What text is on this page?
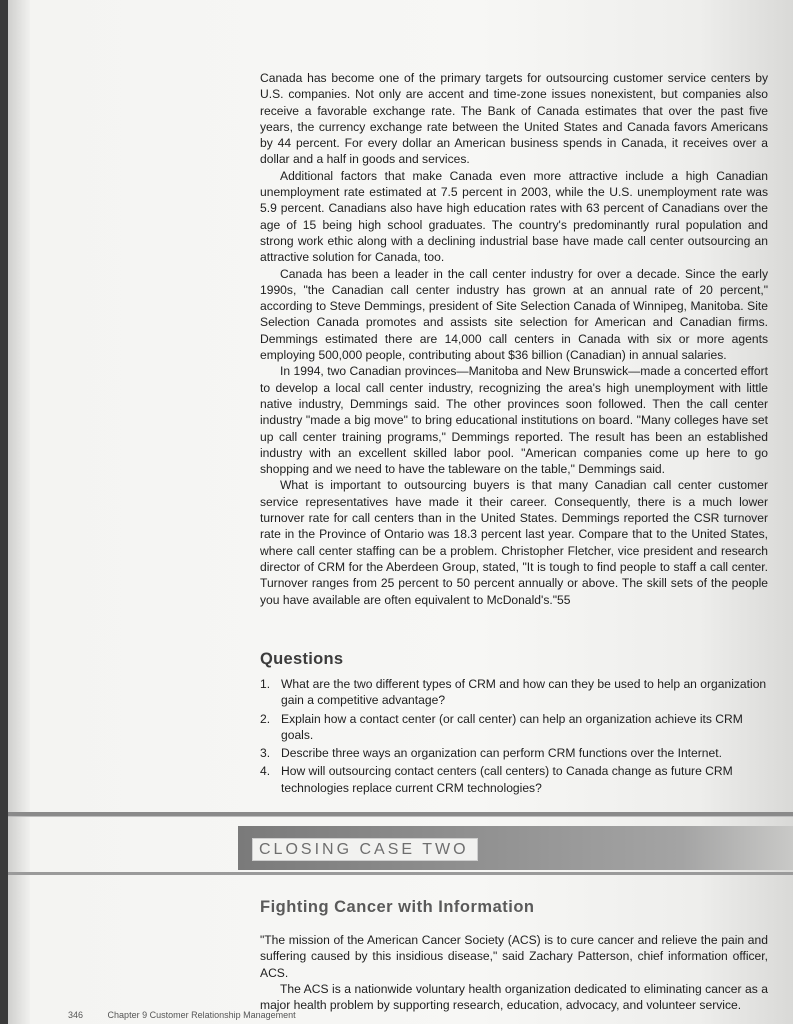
Canada has become one of the primary targets for outsourcing customer service centers by U.S. companies. Not only are accent and time-zone issues nonexistent, but companies also receive a favorable exchange rate. The Bank of Canada estimates that over the past five years, the currency exchange rate between the United States and Canada favors Americans by 44 percent. For every dollar an American business spends in Canada, it receives over a dollar and a half in goods and services.

Additional factors that make Canada even more attractive include a high Canadian unemployment rate estimated at 7.5 percent in 2003, while the U.S. unemployment rate was 5.9 percent. Canadians also have high education rates with 63 percent of Canadians over the age of 15 being high school graduates. The country's predominantly rural population and strong work ethic along with a declining industrial base have made call center outsourcing an attractive solution for Canada, too.

Canada has been a leader in the call center industry for over a decade. Since the early 1990s, "the Canadian call center industry has grown at an annual rate of 20 percent," according to Steve Demmings, president of Site Selection Canada of Winnipeg, Manitoba. Site Selection Canada promotes and assists site selection for American and Canadian firms. Demmings estimated there are 14,000 call centers in Canada with six or more agents employing 500,000 people, contributing about $36 billion (Canadian) in annual salaries.

In 1994, two Canadian provinces—Manitoba and New Brunswick—made a concerted effort to develop a local call center industry, recognizing the area's high unemployment with little native industry, Demmings said. The other provinces soon followed. Then the call center industry "made a big move" to bring educational institutions on board. "Many colleges have set up call center training programs," Demmings reported. The result has been an established industry with an excellent skilled labor pool. "American companies come up here to go shopping and we need to have the tableware on the table," Demmings said.

What is important to outsourcing buyers is that many Canadian call center customer service representatives have made it their career. Consequently, there is a much lower turnover rate for call centers than in the United States. Demmings reported the CSR turnover rate in the Province of Ontario was 18.3 percent last year. Compare that to the United States, where call center staffing can be a problem. Christopher Fletcher, vice president and research director of CRM for the Aberdeen Group, stated, "It is tough to find people to staff a call center. Turnover ranges from 25 percent to 50 percent annually or above. The skill sets of the people you have available are often equivalent to McDonald's."55

Questions
1. What are the two different types of CRM and how can they be used to help an organization gain a competitive advantage?
2. Explain how a contact center (or call center) can help an organization achieve its CRM goals.
3. Describe three ways an organization can perform CRM functions over the Internet.
4. How will outsourcing contact centers (call centers) to Canada change as future CRM technologies replace current CRM technologies?
CLOSING CASE TWO
Fighting Cancer with Information

"The mission of the American Cancer Society (ACS) is to cure cancer and relieve the pain and suffering caused by this insidious disease," said Zachary Patterson, chief information officer, ACS.

The ACS is a nationwide voluntary health organization dedicated to eliminating cancer as a major health problem by supporting research, education, advocacy, and volunteer service.

346	Chapter 9 Customer Relationship Management
